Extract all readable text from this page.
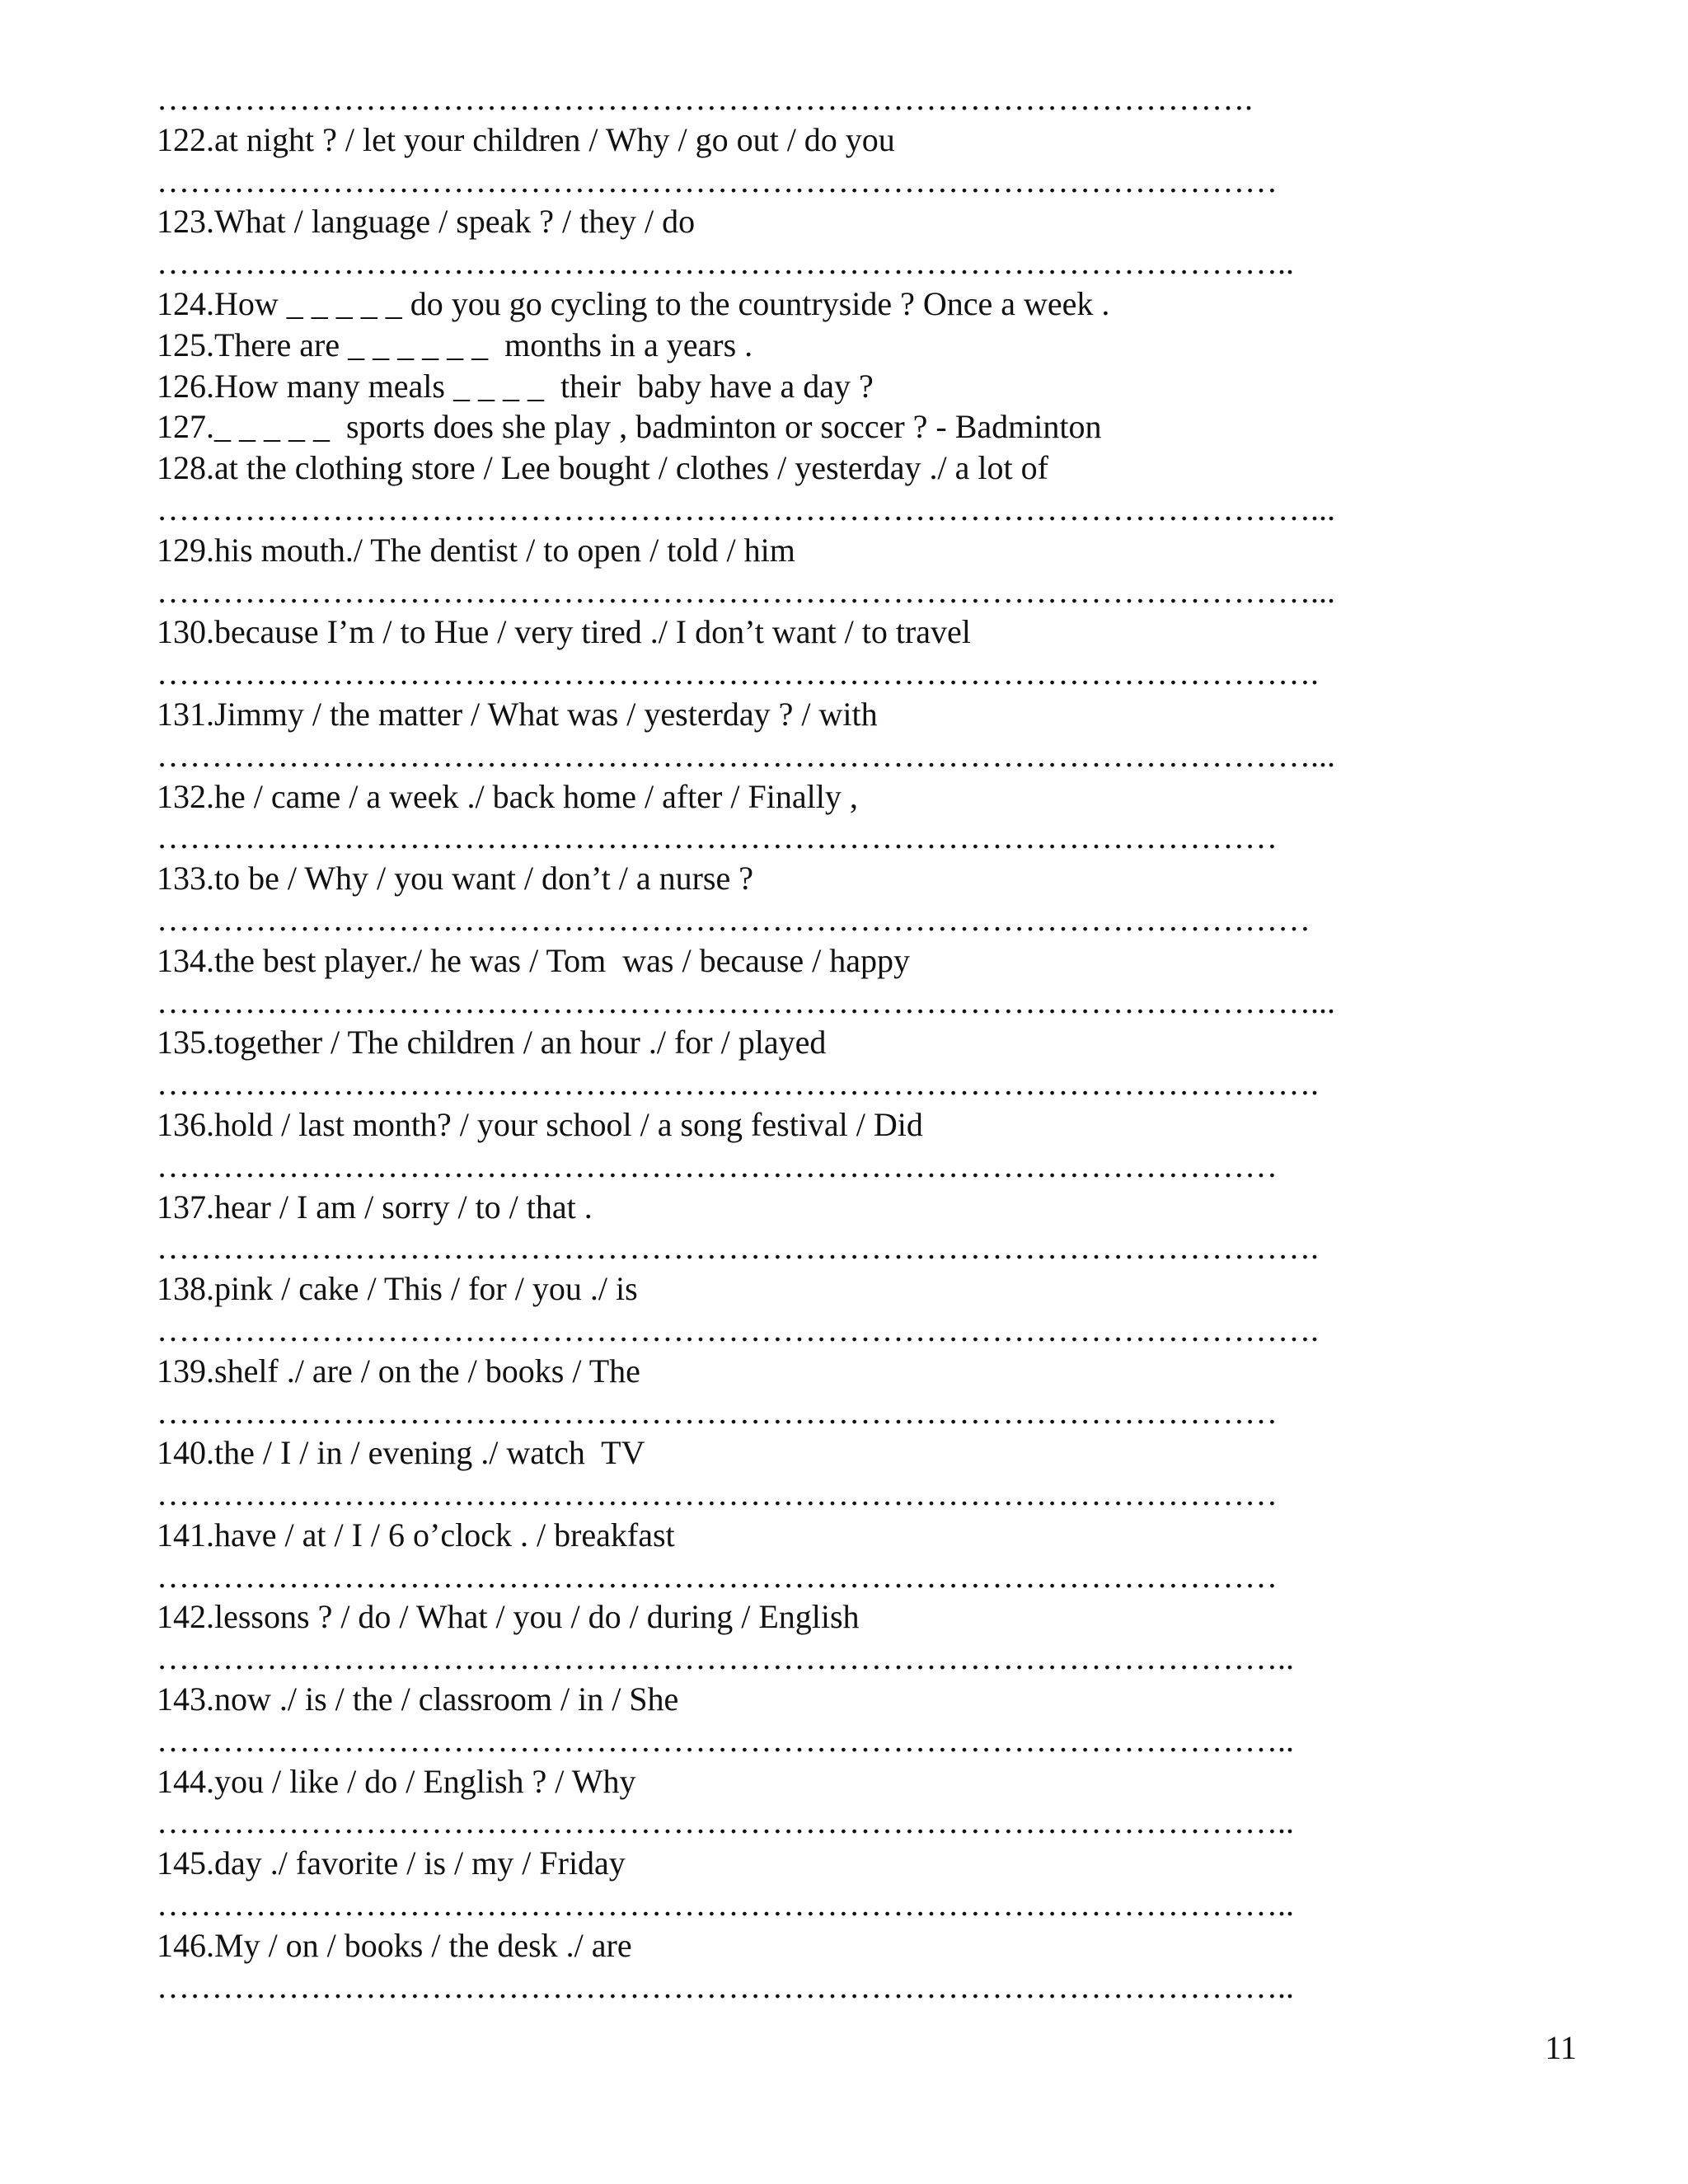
……………………………………………………………………………………….
122.at night ? / let your children / Why / go out / do you
…………………………………………………………………………………………
123.What / language / speak ? / they / do
…………………………………………………………………………………………..
124.How _ _ _ _ _ do you go cycling to the countryside ? Once a week .
125.There are _ _ _ _ _ _  months in a years .
126.How many meals _ _ _ _  their  baby have a day ?
127._ _ _ _ _  sports does she play , badminton or soccer ? - Badminton
128.at the clothing store / Lee bought / clothes / yesterday ./ a lot of
……………………………………………………………………………………………...
129.his mouth./ The dentist / to open / told / him
……………………………………………………………………………………………...
130.because I’m / to Hue / very tired ./ I don’t want / to travel
…………………………………………………………………………………………….
131.Jimmy / the matter / What was / yesterday ? / with
……………………………………………………………………………………………...
132.he / came / a week ./ back home / after / Finally ,
…………………………………………………………………………………………
133.to be / Why / you want / don’t / a nurse ?
……………………………………………………………………………………………
134.the best player./ he was / Tom  was / because / happy
……………………………………………………………………………………………...
135.together / The children / an hour ./ for / played
…………………………………………………………………………………………….
136.hold / last month? / your school / a song festival / Did
…………………………………………………………………………………………
137.hear / I am / sorry / to / that .
…………………………………………………………………………………………….
138.pink / cake / This / for / you ./ is
…………………………………………………………………………………………….
139.shelf ./ are / on the / books / The
…………………………………………………………………………………………
140.the / I / in / evening ./ watch  TV
…………………………………………………………………………………………
141.have / at / I / 6 o’clock . / breakfast
…………………………………………………………………………………………
142.lessons ? / do / What / you / do / during / English
…………………………………………………………………………………………..
143.now ./ is / the / classroom / in / She
…………………………………………………………………………………………..
144.you / like / do / English ? / Why
…………………………………………………………………………………………..
145.day ./ favorite / is / my / Friday
…………………………………………………………………………………………..
146.My / on / books / the desk ./ are
…………………………………………………………………………………………..
11
